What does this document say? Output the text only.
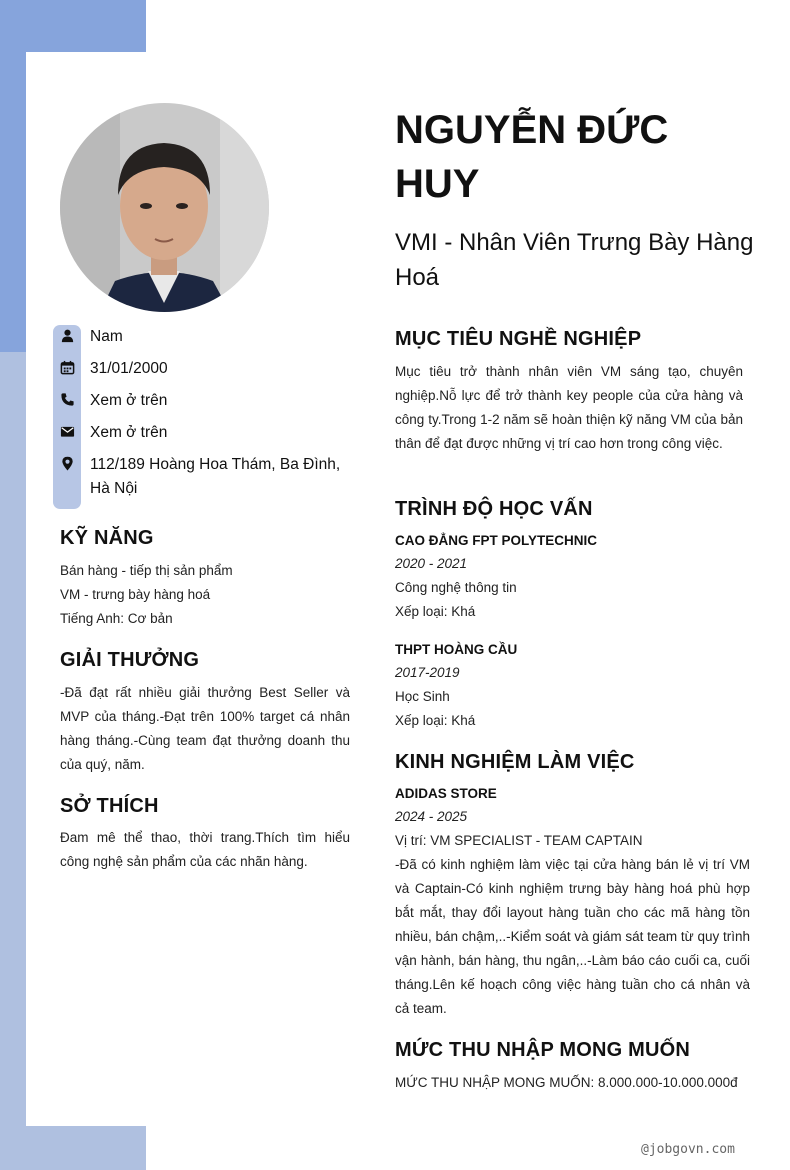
Nam
31/01/2000
Xem ở trên
Xem ở trên
112/189 Hoàng Hoa Thám, Ba Đình, Hà Nội
KỸ NĂNG
Bán hàng - tiếp thị sản phẩm
VM - trưng bày hàng hoá
Tiếng Anh: Cơ bản
GIẢI THƯỞNG
-Đã đạt rất nhiều giải thưởng Best Seller và MVP của tháng.-Đạt trên 100% target cá nhân hàng tháng.-Cùng team đạt thưởng doanh thu của quý, năm.
SỞ THÍCH
Đam mê thể thao, thời trang.Thích tìm hiểu công nghệ sản phẩm của các nhãn hàng.
NGUYỄN ĐỨC HUY
VMI - Nhân Viên Trưng Bày Hàng Hoá
MỤC TIÊU NGHỀ NGHIỆP
Mục tiêu trở thành nhân viên VM sáng tạo, chuyên nghiệp.Nỗ lực để trở thành key people của cửa hàng và công ty.Trong 1-2 năm sẽ hoàn thiện kỹ năng VM của bản thân để đạt được những vị trí cao hơn trong công việc.
TRÌNH ĐỘ HỌC VẤN
CAO ĐẲNG FPT POLYTECHNIC
2020 - 2021
Công nghệ thông tin
Xếp loại: Khá
THPT HOÀNG CẦU
2017-2019
Học Sinh
Xếp loại: Khá
KINH NGHIỆM LÀM VIỆC
ADIDAS STORE
2024 - 2025
Vị trí: VM SPECIALIST - TEAM CAPTAIN
-Đã có kinh nghiệm làm việc tại cửa hàng bán lẻ vị trí VM và Captain-Có kinh nghiệm trưng bày hàng hoá phù hợp bắt mắt, thay đổi layout hàng tuần cho các mã hàng tồn nhiều, bán chậm,..-Kiểm soát và giám sát team từ quy trình vận hành, bán hàng, thu ngân,..-Làm báo cáo cuối ca, cuối tháng.Lên kế hoạch công việc hàng tuần cho cá nhân và cả team.
MỨC THU NHẬP MONG MUỐN
MỨC THU NHẬP MONG MUỐN: 8.000.000-10.000.000đ
@jobgovn.com
